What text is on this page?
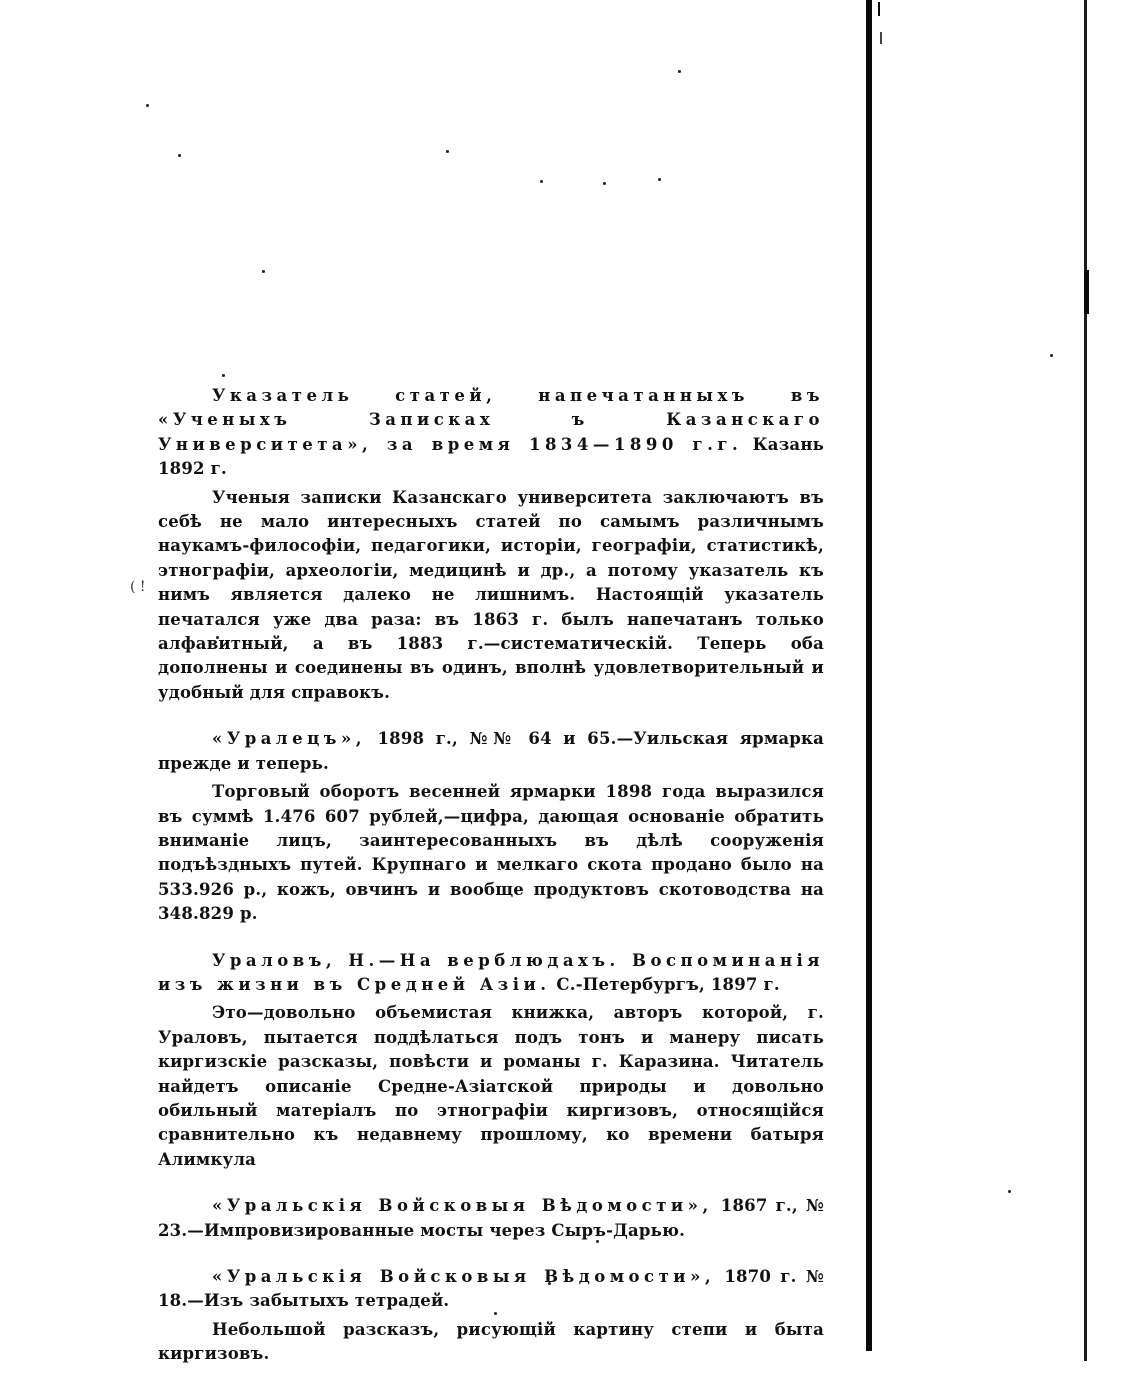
( !

Указатель статей, напечатанныхъ въ «Ученыхъ Записках ъ Казанскаго Университета», за время 1834—1890 г.г. Казань 1892 г.

Ученыя записки Казанскаго университета заключаютъ въ себѣ не мало интересныхъ статей по самымъ различнымъ наукамъ-философіи, педагогики, исторіи, географіи, статистикѣ, этнографіи, археологіи, медицинѣ и др., а потому указатель къ нимъ является далеко не лишнимъ. Настоящій указатель печатался уже два раза: въ 1863 г. былъ напечатанъ только алфавитный, а въ 1883 г.—систематическій. Теперь оба дополнены и соединены въ одинъ, вполнѣ удовлетворительный и удобный для справокъ.

«Уралецъ», 1898 г., №№ 64 и 65.—Уильская ярмарка прежде и теперь.

Торговый оборотъ весенней ярмарки 1898 года выразился въ суммѣ 1.476 607 рублей,—цифра, дающая основаніе обратить вниманіе лицъ, заинтересованныхъ въ дѣлѣ сооруженія подъѣздныхъ путей. Крупнаго и мелкаго скота продано было на 533.926 р., кожъ, овчинъ и вообще продуктовъ скотоводства на 348.829 р.

Ураловъ, Н.—На верблюдахъ. Воспоминанія изъ жизни въ Средней Азіи. С.-Петербургъ, 1897 г.

Это—довольно объемистая книжка, авторъ которой, г. Ураловъ, пытается поддѣлаться подъ тонъ и манеру писать киргизскіе разсказы, повѣсти и романы г. Каразина. Читатель найдетъ описаніе Средне-Азіатской природы и довольно обильный матеріалъ по этнографіи киргизовъ, относящійся сравнительно къ недавнему прошлому, ко времени батыря Алимкула

«Уральскія Войсковыя Вѣдомости», 1867 г., № 23.—Импровизированные мосты через Сыръ-Дарью.

«Уральскія Войсковыя Вѣдомости», 1870 г. № 18.—Изъ забытыхъ тетрадей.

Небольшой разсказъ, рисующій картину степи и быта киргизовъ.
